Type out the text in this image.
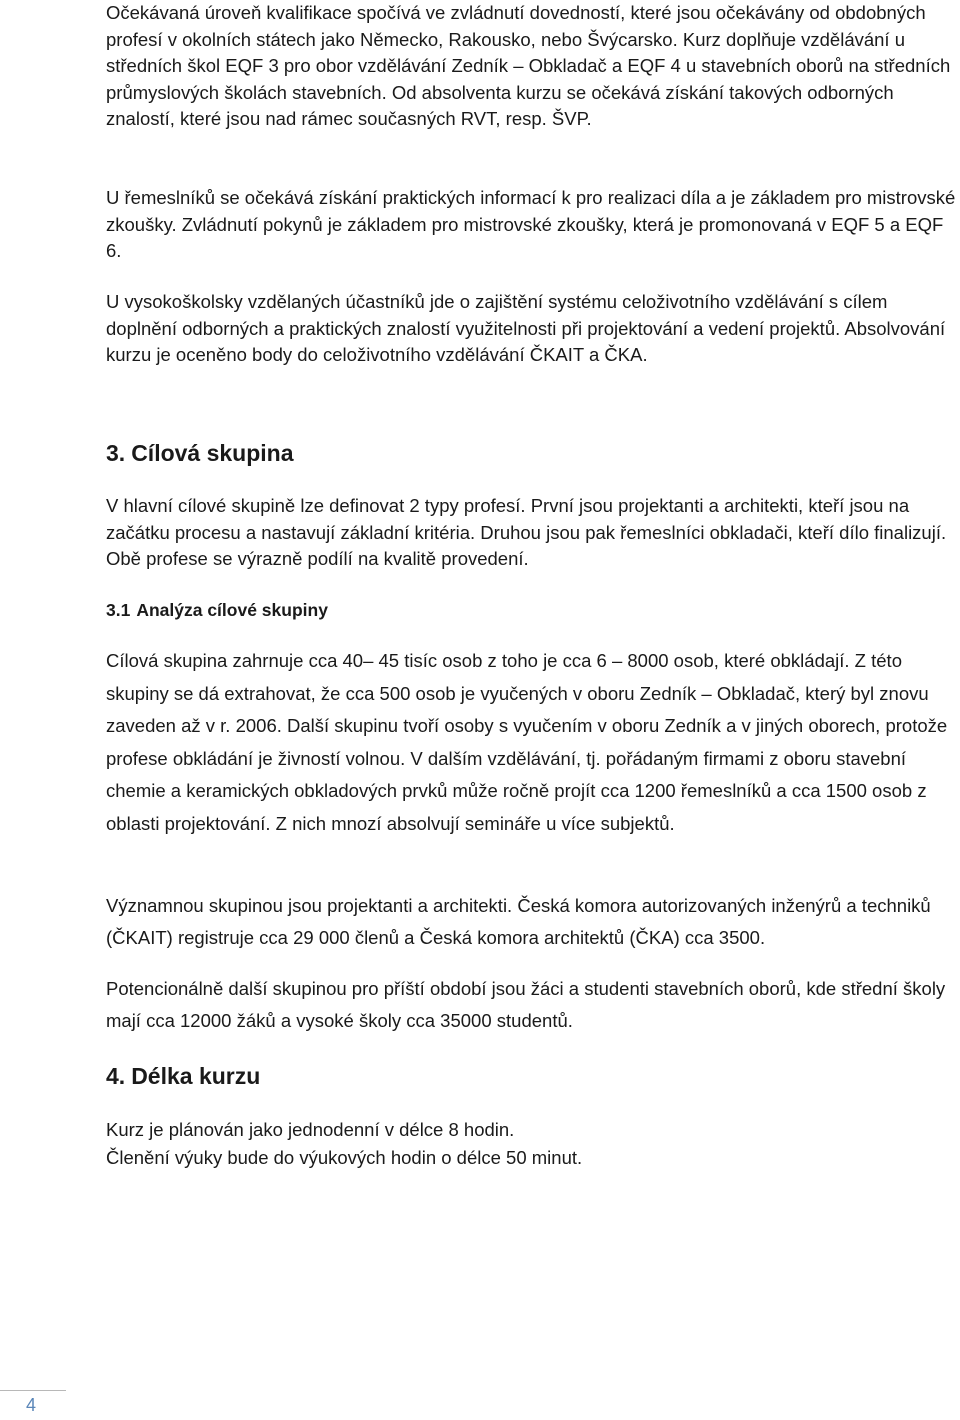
Očekávaná úroveň kvalifikace spočívá ve zvládnutí dovedností, které jsou očekávány od obdobných profesí v okolních státech jako Německo, Rakousko, nebo Švýcarsko. Kurz doplňuje vzdělávání u středních škol EQF 3 pro obor vzdělávání Zedník – Obkladač a EQF 4 u stavebních oborů na středních průmyslových školách stavebních. Od absolventa kurzu se očekává získání takových odborných znalostí, které jsou nad rámec současných RVT, resp. ŠVP.

U řemeslníků se očekává získání praktických informací k pro realizaci díla a je základem pro mistrovské zkoušky. Zvládnutí pokynů je základem pro mistrovské zkoušky, která je promonovaná v EQF 5 a EQF 6.

U vysokoškolsky vzdělaných účastníků jde o zajištění systému celoživotního vzdělávání s cílem doplnění odborných a praktických znalostí využitelnosti při projektování a vedení projektů. Absolvování kurzu je oceněno body do celoživotního vzdělávání ČKAIT a ČKA.

3. Cílová skupina

V hlavní cílové skupině lze definovat 2 typy profesí. První jsou projektanti a architekti, kteří jsou na začátku procesu a nastavují základní kritéria. Druhou jsou pak řemeslníci obkladači, kteří dílo finalizují. Obě profese se výrazně podílí na kvalitě provedení.

3.1 Analýza cílové skupiny

Cílová skupina zahrnuje cca 40– 45 tisíc osob z toho je cca 6 – 8000 osob, které obkládají. Z této skupiny se dá extrahovat, že cca 500 osob je vyučených v oboru Zedník – Obkladač, který byl znovu zaveden až v r. 2006. Další skupinu tvoří osoby s vyučením v oboru Zedník a v jiných oborech, protože profese obkládání je živností volnou. V dalším vzdělávání, tj. pořádaným firmami z oboru stavební chemie a keramických obkladových prvků může ročně projít cca 1200 řemeslníků a cca 1500 osob z oblasti projektování. Z nich mnozí absolvují semináře u více subjektů.

Významnou skupinou jsou projektanti a architekti. Česká komora autorizovaných inženýrů a techniků (ČKAIT) registruje cca 29 000 členů a Česká komora architektů (ČKA) cca 3500.

Potencionálně další skupinou pro příští období jsou žáci a studenti stavebních oborů, kde střední školy mají cca 12000 žáků a vysoké školy cca 35000 studentů.

4. Délka kurzu
Kurz je plánován jako jednodenní v délce 8 hodin.
Členění výuky bude do výukových hodin o délce 50 minut.
4
